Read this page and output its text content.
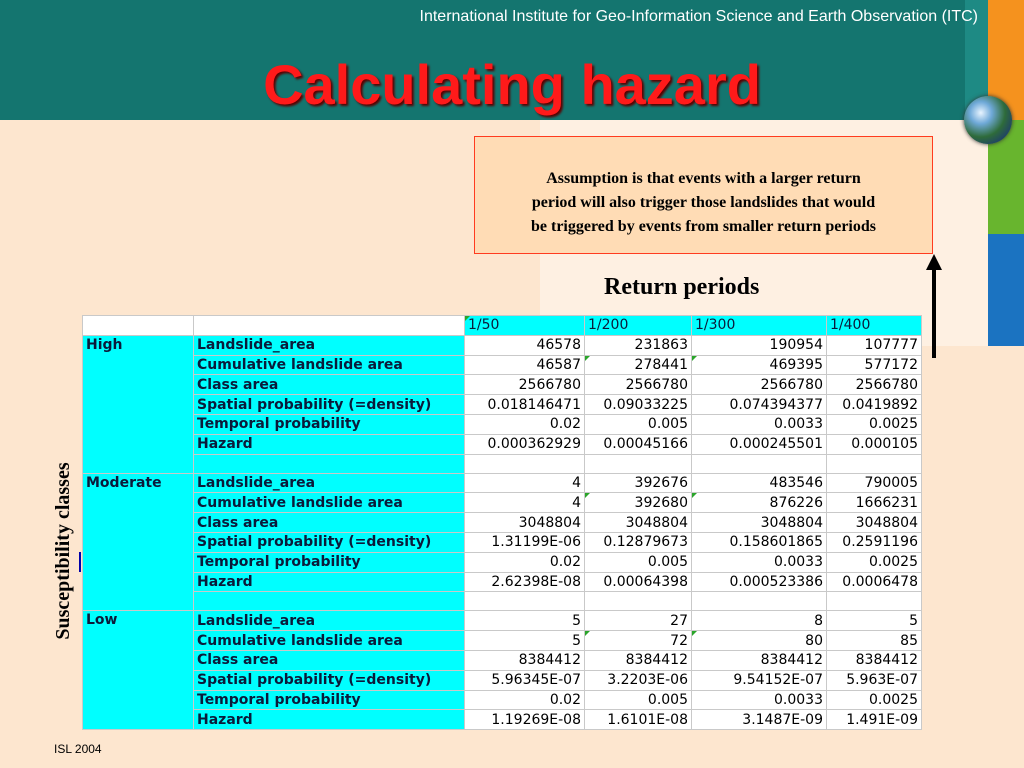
International Institute for Geo-Information Science and Earth Observation (ITC)
Calculating hazard
Assumption is that events with a larger return
period will also trigger those landslides that would
be triggered by events from smaller return periods
Return periods
Susceptibility classes
		1/50	1/200	1/300	1/400
High	Landslide_area	46578	231863	190954	107777
	Cumulative landslide area	46587	278441	469395	577172
	Class area	2566780	2566780	2566780	2566780
	Spatial probability (=density)	0.018146471	0.09033225	0.074394377	0.0419892
	Temporal probability	0.02	0.005	0.0033	0.0025
	Hazard	0.000362929	0.00045166	0.000245501	0.000105

Moderate	Landslide_area	4	392676	483546	790005
	Cumulative landslide area	4	392680	876226	1666231
	Class area	3048804	3048804	3048804	3048804
	Spatial probability (=density)	1.31199E-06	0.12879673	0.158601865	0.2591196
	Temporal probability	0.02	0.005	0.0033	0.0025
	Hazard	2.62398E-08	0.00064398	0.000523386	0.0006478

Low	Landslide_area	5	27	8	5
	Cumulative landslide area	5	72	80	85
	Class area	8384412	8384412	8384412	8384412
	Spatial probability (=density)	5.96345E-07	3.2203E-06	9.54152E-07	5.963E-07
	Temporal probability	0.02	0.005	0.0033	0.0025
	Hazard	1.19269E-08	1.6101E-08	3.1487E-09	1.491E-09
ISL 2004
